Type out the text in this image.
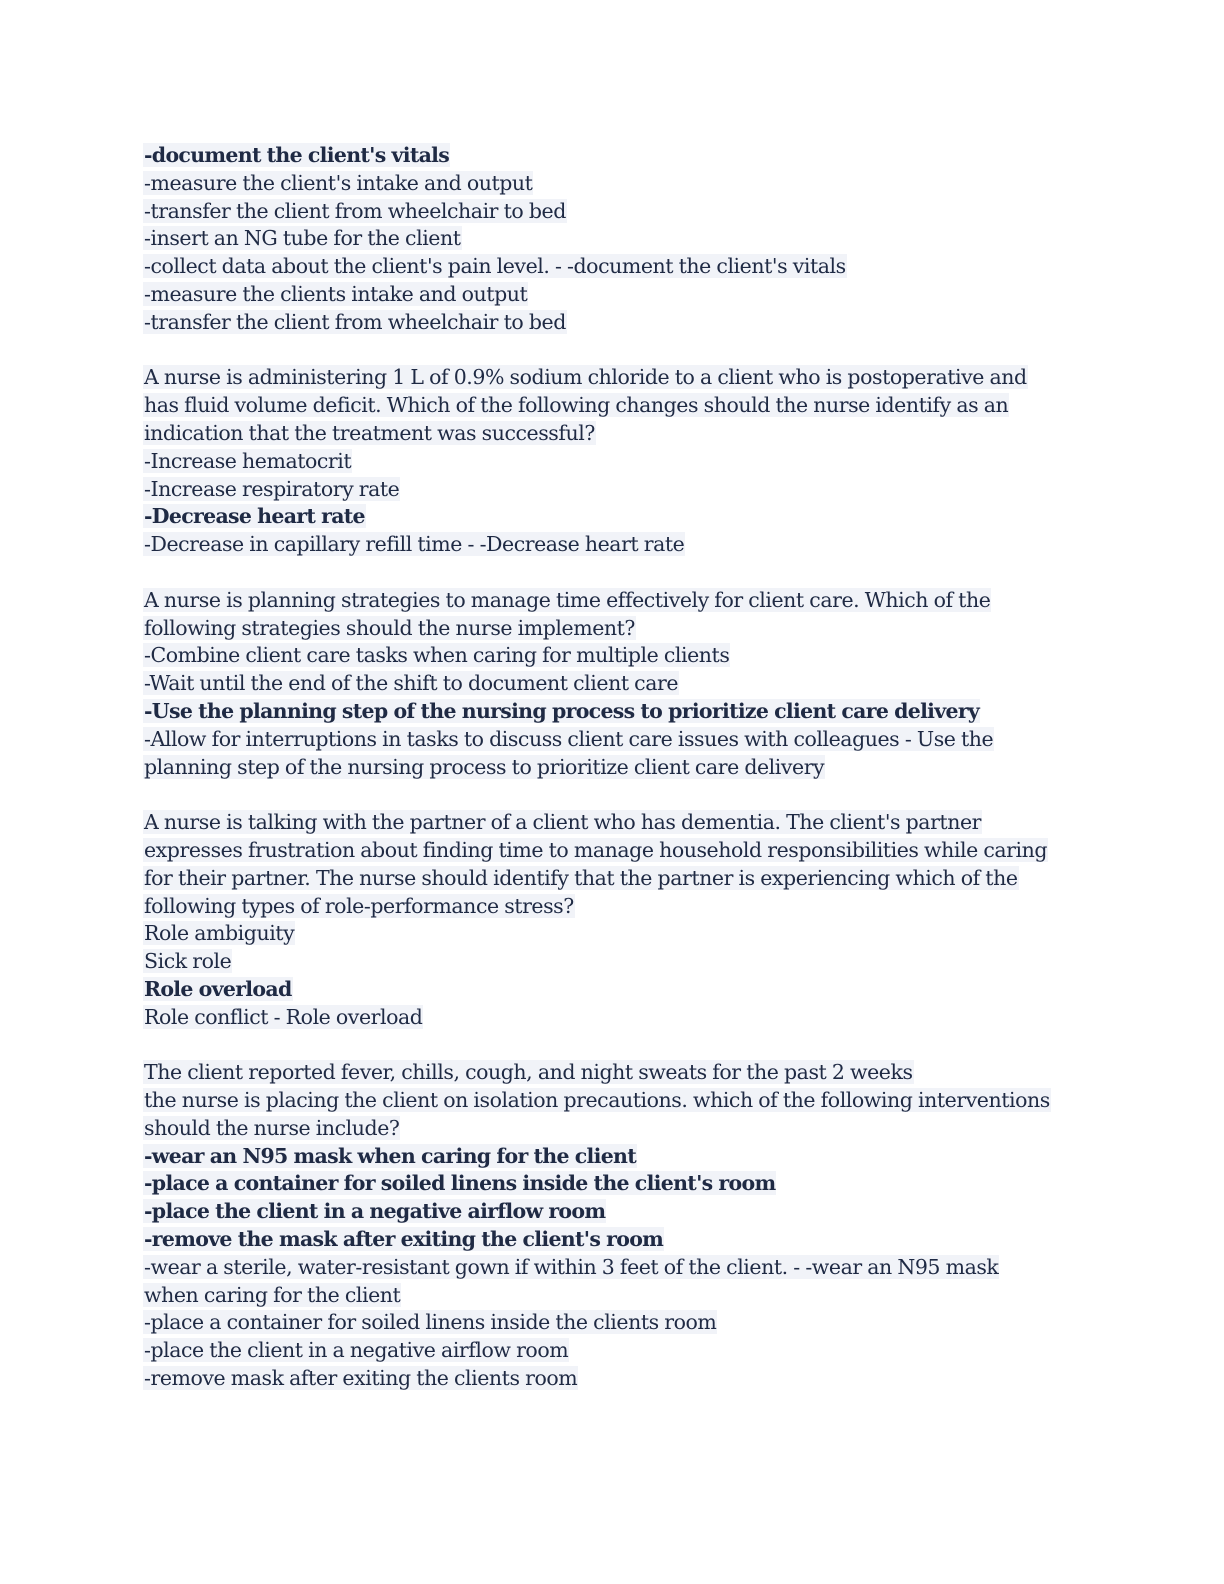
-document the client's vitals
-measure the client's intake and output
-transfer the client from wheelchair to bed
-insert an NG tube for the client
-collect data about the client's pain level. - -document the client's vitals
-measure the clients intake and output
-transfer the client from wheelchair to bed
A nurse is administering 1 L of 0.9% sodium chloride to a client who is postoperative and
has fluid volume deficit. Which of the following changes should the nurse identify as an
indication that the treatment was successful?
-Increase hematocrit
-Increase respiratory rate
-Decrease heart rate
-Decrease in capillary refill time - -Decrease heart rate
A nurse is planning strategies to manage time effectively for client care. Which of the
following strategies should the nurse implement?
-Combine client care tasks when caring for multiple clients
-Wait until the end of the shift to document client care
-Use the planning step of the nursing process to prioritize client care delivery
-Allow for interruptions in tasks to discuss client care issues with colleagues - Use the
planning step of the nursing process to prioritize client care delivery
A nurse is talking with the partner of a client who has dementia. The client's partner
expresses frustration about finding time to manage household responsibilities while caring
for their partner. The nurse should identify that the partner is experiencing which of the
following types of role-performance stress?
Role ambiguity
Sick role
Role overload
Role conflict - Role overload
The client reported fever, chills, cough, and night sweats for the past 2 weeks
the nurse is placing the client on isolation precautions. which of the following interventions
should the nurse include?
-wear an N95 mask when caring for the client
-place a container for soiled linens inside the client's room
-place the client in a negative airflow room
-remove the mask after exiting the client's room
-wear a sterile, water-resistant gown if within 3 feet of the client. - -wear an N95 mask
when caring for the client
-place a container for soiled linens inside the clients room
-place the client in a negative airflow room
-remove mask after exiting the clients room
